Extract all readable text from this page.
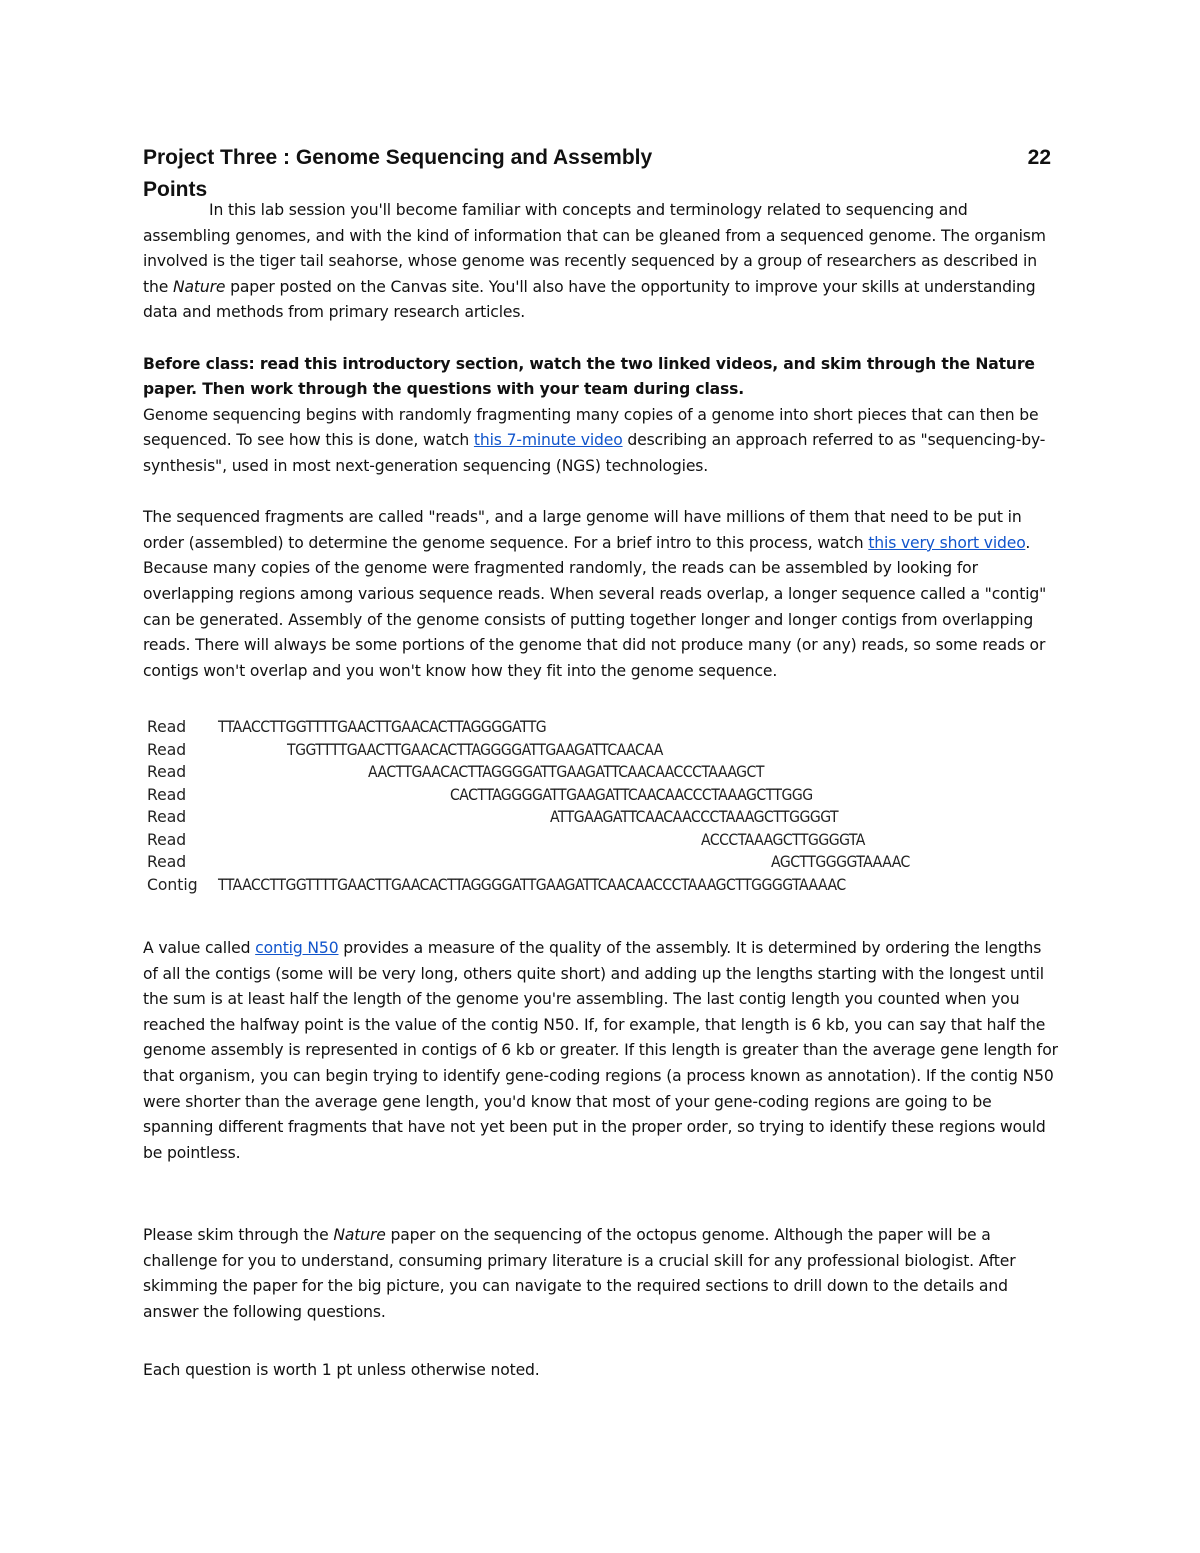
Project Three : Genome Sequencing and Assembly	22
Points

In this lab session you'll become familiar with concepts and terminology related to sequencing and assembling genomes, and with the kind of information that can be gleaned from a sequenced genome. The organism involved is the tiger tail seahorse, whose genome was recently sequenced by a group of researchers as described in the Nature paper posted on the Canvas site. You'll also have the opportunity to improve your skills at understanding data and methods from primary research articles.

Before class: read this introductory section, watch the two linked videos, and skim through the Nature paper. Then work through the questions with your team during class.

Genome sequencing begins with randomly fragmenting many copies of a genome into short pieces that can then be sequenced. To see how this is done, watch this 7-minute video describing an approach referred to as "sequencing-by-synthesis", used in most next-generation sequencing (NGS) technologies.

The sequenced fragments are called "reads", and a large genome will have millions of them that need to be put in order (assembled) to determine the genome sequence. For a brief intro to this process, watch this very short video. Because many copies of the genome were fragmented randomly, the reads can be assembled by looking for overlapping regions among various sequence reads. When several reads overlap, a longer sequence called a "contig" can be generated. Assembly of the genome consists of putting together longer and longer contigs from overlapping reads. There will always be some portions of the genome that did not produce many (or any) reads, so some reads or contigs won't overlap and you won't know how they fit into the genome sequence.

Read TTAACCTTGGTTTTGAACTTGAACACTTAGGGGATTG
Read	TGGTTTTGAACTTGAACACTTAGGGGATTGAAGATTCAACAA
Read	AACTTGAACACTTAGGGGATTGAAGATTCAACAACCCTAAAGCT
Read	CACTTAGGGGATTGAAGATTCAACAACCCTAAAGCTTGGG
Read	ATTGAAGATTCAACAACCCTAAAGCTTGGGGT
Read	ACCCTAAAGCTTGGGGTA
Read	AGCTTGGGGTAAAAC
Contig TTAACCTTGGTTTTGAACTTGAACACTTAGGGGATTGAAGATTCAACAACCCTAAAGCTTGGGGTAAAAC

A value called contig N50 provides a measure of the quality of the assembly. It is determined by ordering the lengths of all the contigs (some will be very long, others quite short) and adding up the lengths starting with the longest until the sum is at least half the length of the genome you're assembling. The last contig length you counted when you reached the halfway point is the value of the contig N50. If, for example, that length is 6 kb, you can say that half the genome assembly is represented in contigs of 6 kb or greater. If this length is greater than the average gene length for that organism, you can begin trying to identify gene-coding regions (a process known as annotation). If the contig N50 were shorter than the average gene length, you'd know that most of your gene-coding regions are going to be spanning different fragments that have not yet been put in the proper order, so trying to identify these regions would be pointless.

Please skim through the Nature paper on the sequencing of the octopus genome. Although the paper will be a challenge for you to understand, consuming primary literature is a crucial skill for any professional biologist. After skimming the paper for the big picture, you can navigate to the required sections to drill down to the details and answer the following questions.

Each question is worth 1 pt unless otherwise noted.
